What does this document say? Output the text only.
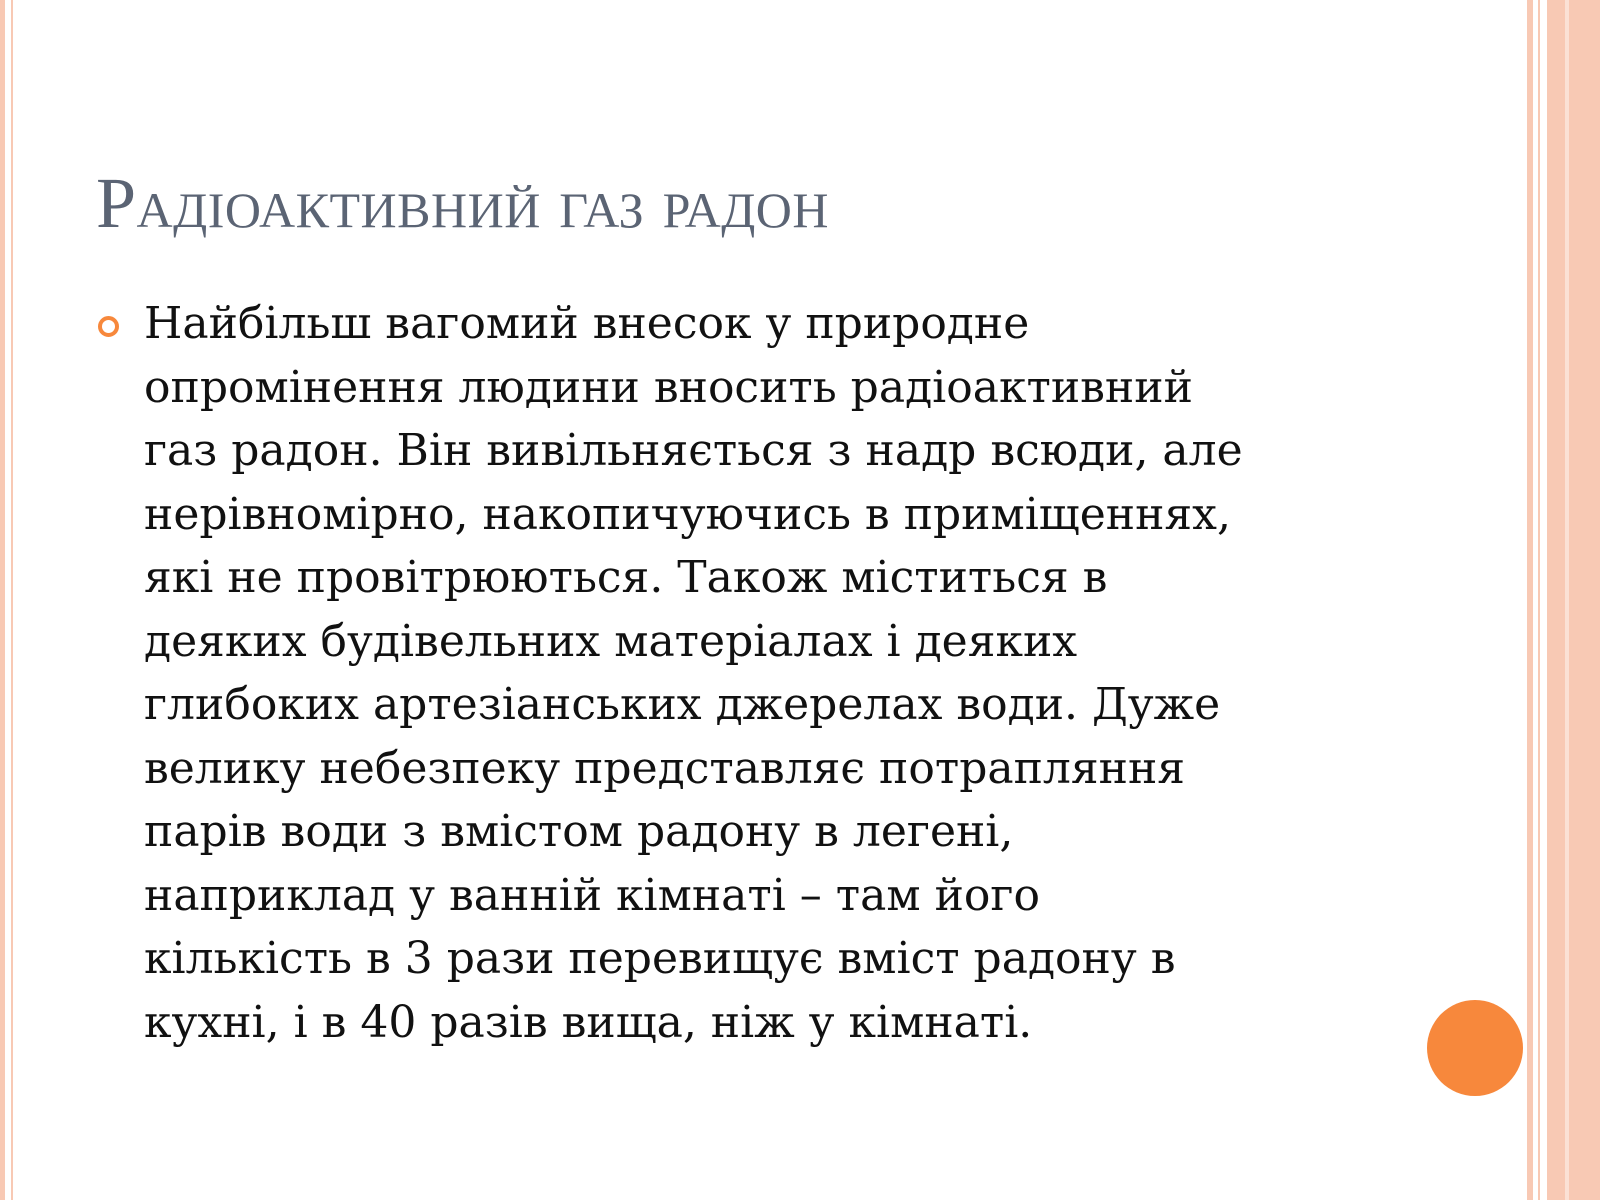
Радіоактивний газ радон
Найбільш вагомий внесок у природне
опромінення людини вносить радіоактивний
газ радон. Він вивільняється з надр всюди, але
нерівномірно, накопичуючись в приміщеннях,
які не провітрюються. Також міститься в
деяких будівельних матеріалах і деяких
глибоких артезіанських джерелах води. Дуже
велику небезпеку представляє потрапляння
парів води з вмістом радону в легені,
наприклад у ванній кімнаті – там його
кількість в 3 рази перевищує вміст радону в
кухні, і в 40 разів вища, ніж у кімнаті.
